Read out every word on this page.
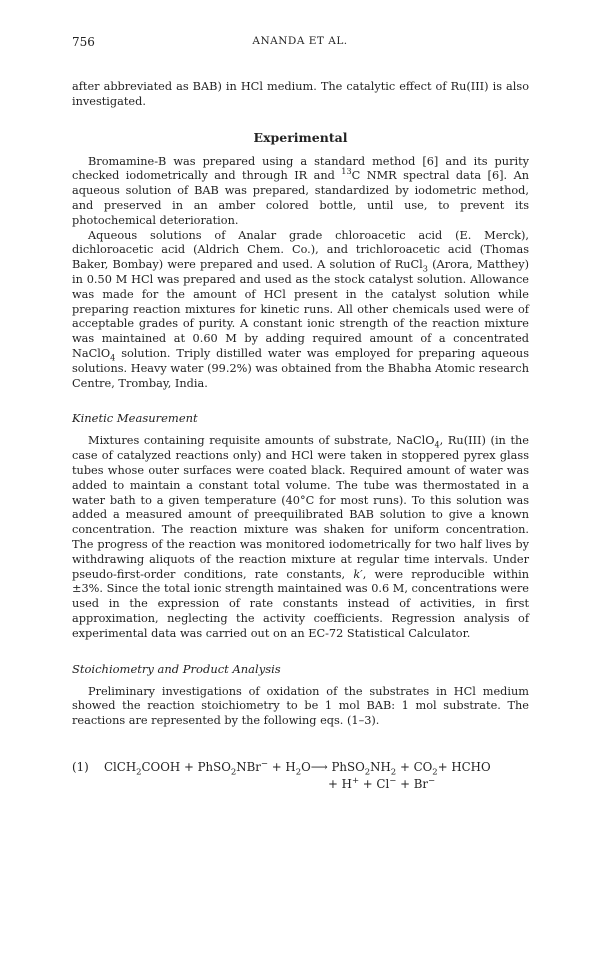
756	ANANDA ET AL.

after abbreviated as BAB) in HCl medium. The catalytic effect of Ru(III) is also investigated.

Experimental

Bromamine-B was prepared using a standard method [6] and its purity checked iodometrically and through IR and $^{13}$C NMR spectral data [6]. An aqueous solution of BAB was prepared, standardized by iodometric method, and preserved in an amber colored bottle, until use, to prevent its photochemical deterioration.

Aqueous solutions of Analar grade chloroacetic acid (E. Merck), dichloroacetic acid (Aldrich Chem. Co.), and trichloroacetic acid (Thomas Baker, Bombay) were prepared and used. A solution of RuCl$_3$ (Arora, Matthey) in 0.50 M HCl was prepared and used as the stock catalyst solution. Allowance was made for the amount of HCl present in the catalyst solution while preparing reaction mixtures for kinetic runs. All other chemicals used were of acceptable grades of purity. A constant ionic strength of the reaction mixture was maintained at 0.60 M by adding required amount of a concentrated NaClO$_4$ solution. Triply distilled water was employed for preparing aqueous solutions. Heavy water (99.2%) was obtained from the Bhabha Atomic research Centre, Trombay, India.

Kinetic Measurement

Mixtures containing requisite amounts of substrate, NaClO$_4$, Ru(III) (in the case of catalyzed reactions only) and HCl were taken in stoppered pyrex glass tubes whose outer surfaces were coated black. Required amount of water was added to maintain a constant total volume. The tube was thermostated in a water bath to a given temperature (40°C for most runs). To this solution was added a measured amount of preequilibrated BAB solution to give a known concentration. The reaction mixture was shaken for uniform concentration. The progress of the reaction was monitored iodometrically for two half lives by withdrawing aliquots of the reaction mixture at regular time intervals. Under pseudo-first-order conditions, rate constants, k′, were reproducible within ±3%. Since the total ionic strength maintained was 0.6 M, concentrations were used in the expression of rate constants instead of activities, in first approximation, neglecting the activity coefficients. Regression analysis of experimental data was carried out on an EC-72 Statistical Calculator.

Stoichiometry and Product Analysis

Preliminary investigations of oxidation of the substrates in HCl medium showed the reaction stoichiometry to be 1 mol BAB: 1 mol substrate. The reactions are represented by the following eqs. (1–3).

(1) ClCH$_2$COOH + PhSO$_2$NBr− + $H_2O⟶$ $PhSO_2NH_2 + CO_2+$ HCHO
+ H+ + Cl− + Br−
